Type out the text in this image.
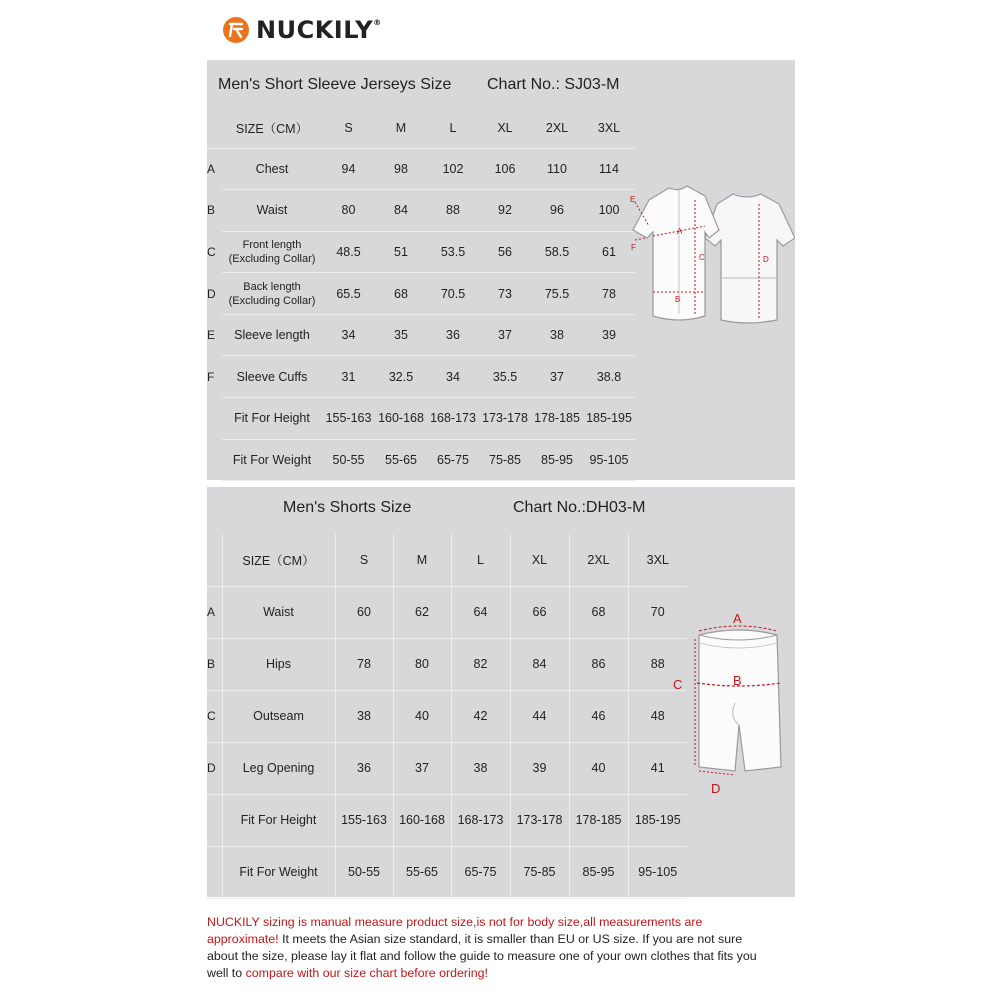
NUCKILY®
Men's Short Sleeve Jerseys Size Chart No.: SJ03-M
	SIZE（CM）	S	M	L	XL	2XL	3XL
A	Chest	94	98	102	106	110	114
B	Waist	80	84	88	92	96	100
C	Front length
(Excluding Collar)	48.5	51	53.5	56	58.5	61
D	Back length
(Excluding Collar)	65.5	68	70.5	73	75.5	78
E	Sleeve length	34	35	36	37	38	39
F	Sleeve Cuffs	31	32.5	34	35.5	37	38.8
	Fit For Height	155-163	160-168	168-173	173-178	178-185	185-195
	Fit For Weight	50-55	55-65	65-75	75-85	85-95	95-105
E
A
F
C
B
D
Men's Shorts Size	Chart No.:DH03-M
	SIZE（CM）	S	M	L	XL	2XL	3XL
A	Waist	60	62	64	66	68	70
B	Hips	78	80	82	84	86	88
C	Outseam	38	40	42	44	46	48
D	Leg Opening	36	37	38	39	40	41
	Fit For Height	155-163	160-168	168-173	173-178	178-185	185-195
	Fit For Weight	50-55	55-65	65-75	75-85	85-95	95-105
A
C	B
D
NUCKILY sizing is manual measure product size,is not for body size,all measurements are approximate! It meets the Asian size standard, it is smaller than EU or US size. If you are not sure about the size, please lay it flat and follow the guide to measure one of your own clothes that fits you well to compare with our size chart before ordering!
